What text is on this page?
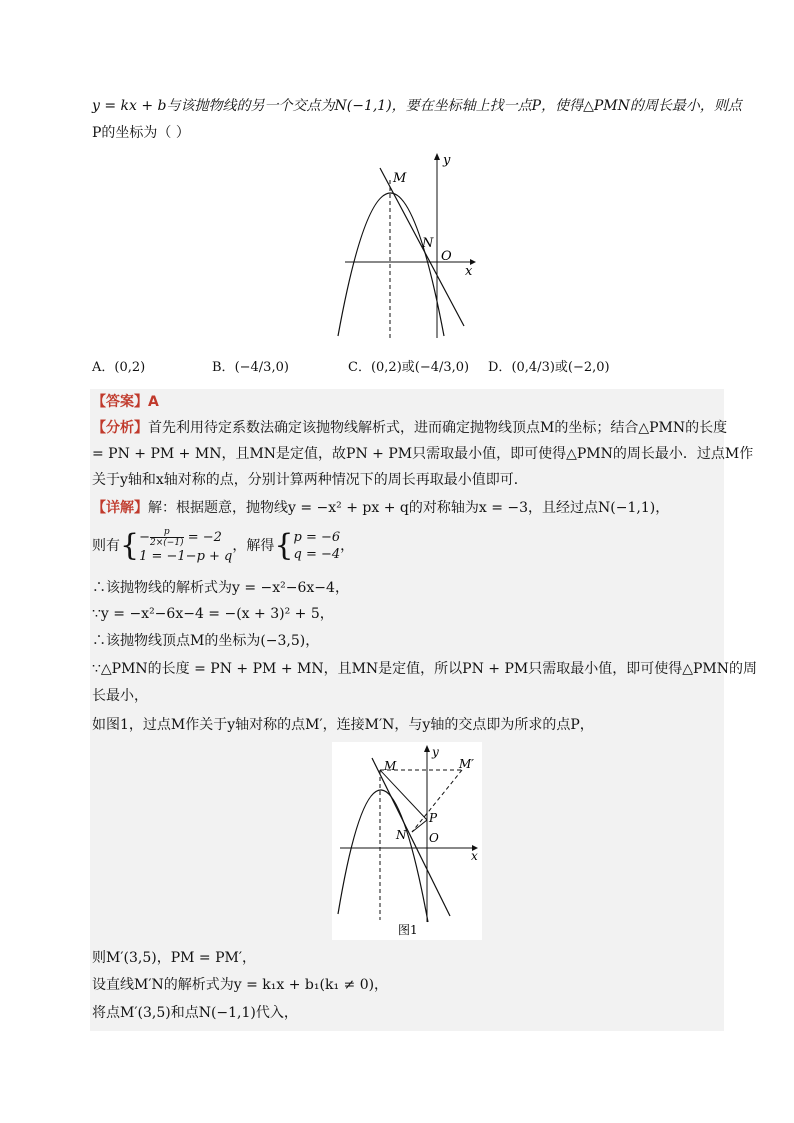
y = kx + b与该抛物线的另一个交点为N(−1,1)，要在坐标轴上找一点P，使得△PMN的周长最小，则点
P的坐标为（ ）
M
N
O
x
y
A．(0,2)	B．(−4/3,0)	C．(0,2)或(−4/3,0) D．(0,4/3)或(−2,0)
【答案】A
【分析】首先利用待定系数法确定该抛物线解析式，进而确定抛物线顶点M的坐标；结合△PMN的长度
= PN + PM + MN，且MN是定值，故PN + PM只需取最小值，即可使得△PMN的周长最小．过点M作
关于y轴和x轴对称的点，分别计算两种情况下的周长再取最小值即可．
【详解】解：根据题意，抛物线y = −x² + px + q的对称轴为x = −3，且经过点N(−1,1)，
则有{ − $\frac{p}{2\times(-1)} = -2$
1 = −1−p + q
，解得{ p = −6
q = −4
，
∴该抛物线的解析式为y = −x²−6x−4，
∵y = −x²−6x−4 = −(x + 3)² + 5，
∴该抛物线顶点M的坐标为(−3,5)，
∵△PMN的长度 = PN + PM + MN，且MN是定值，所以PN + PM只需取最小值，即可使得△PMN的周
长最小，
如图1，过点M作关于y轴对称的点M′，连接M′N，与y轴的交点即为所求的点P，
M	M′
N
P
O
x
y
图1
则M′(3,5)，PM = PM′，
设直线M′N的解析式为y = k₁x + b₁(k₁ ≠ 0)，
将点M′(3,5)和点N(−1,1)代入，
